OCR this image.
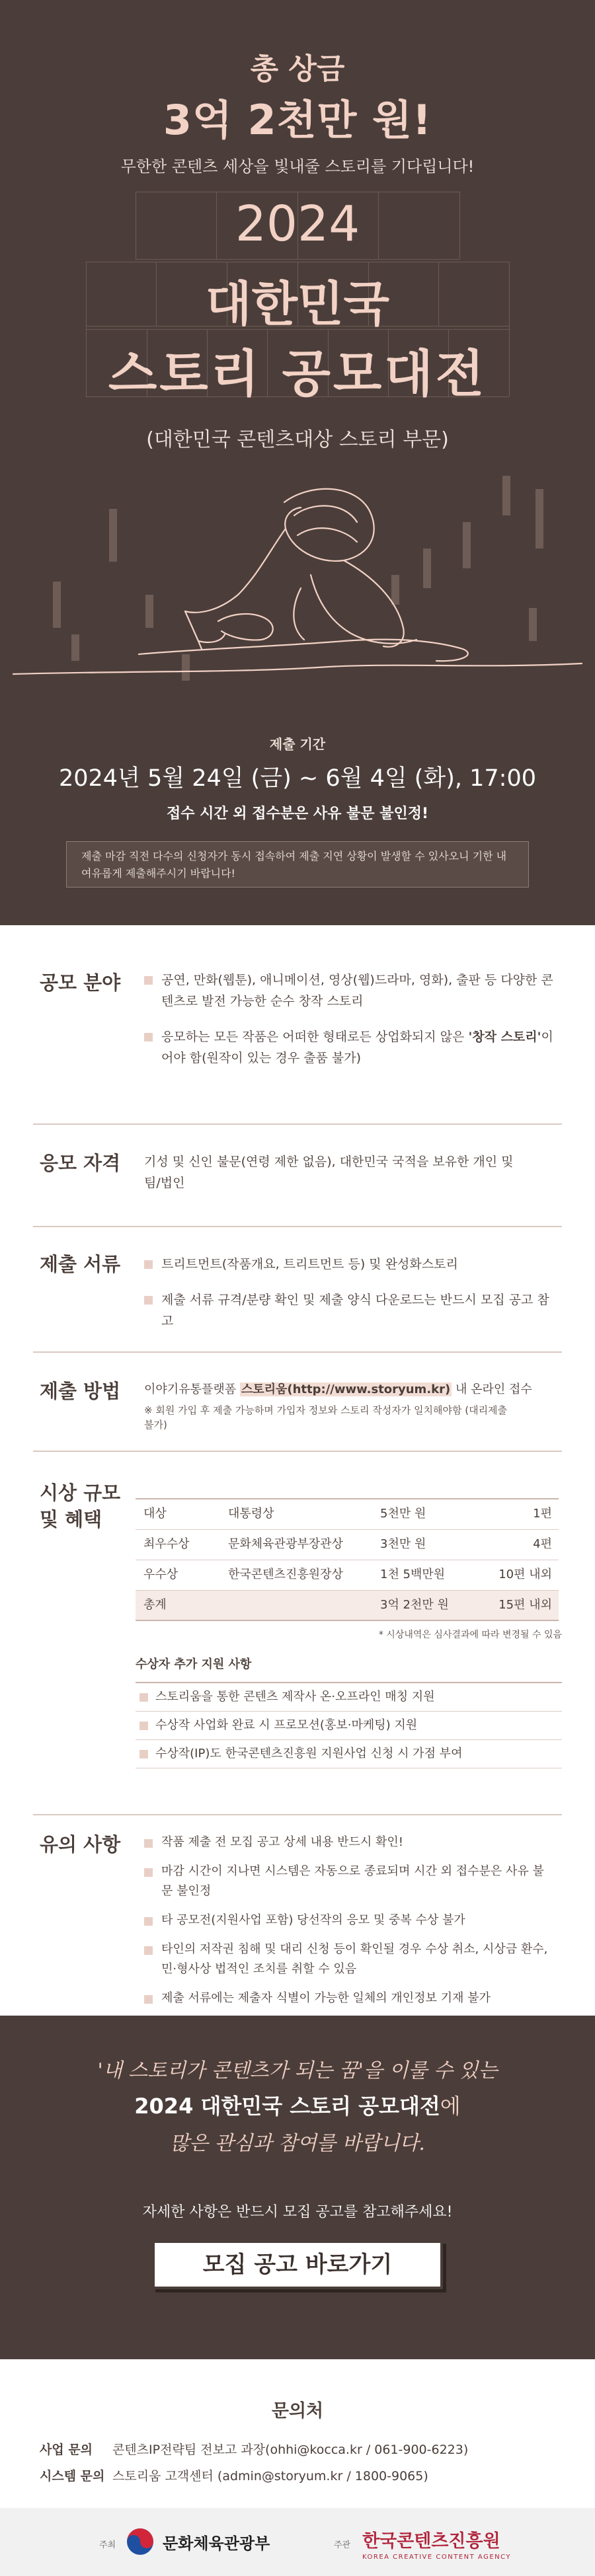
총 상금
3억 2천만 원!
무한한 콘텐츠 세상을 빛내줄 스토리를 기다립니다!
2024
대한민국
스토리 공모대전
(대한민국 콘텐츠대상 스토리 부문)
제출 기간
2024년 5월 24일 (금) ~ 6월 4일 (화), 17:00
접수 시간 외 접수분은 사유 불문 불인정!
제출 마감 직전 다수의 신청자가 동시 접속하여 제출 지연 상황이 발생할 수 있사오니 기한 내 여유롭게 제출해주시기 바랍니다!
공모 분야	공연, 만화(웹툰), 애니메이션, 영상(웹)드라마, 영화), 출판 등 다양한 콘텐츠로 발전 가능한 순수 창작 스토리
응모하는 모든 작품은 어떠한 형태로든 상업화되지 않은 '창작 스토리'이어야 함(원작이 있는 경우 출품 불가)
응모 자격 기성 및 신인 불문(연령 제한 없음), 대한민국 국적을 보유한 개인 및 팀/법인
제출 서류	트리트먼트(작품개요, 트리트먼트 등) 및 완성화스토리
제출 서류 규격/분량 확인 및 제출 양식 다운로드는 반드시 모집 공고 참고
제출 방법 이야기유통플랫폼 스토리움(http://www.storyum.kr) 내 온라인 접수
※ 회원 가입 후 제출 가능하며 가입자 정보와 스토리 작성자가 일치해야함 (대리제출 불가)
시상 규모
및 혜택	대상	대통령상	5천만 원	1편
최우수상	문화체육관광부장관상	3천만 원	4편
우수상	한국콘텐츠진흥원장상	1천 5백만원	10편 내외
총계		3억 2천만 원	15편 내외
* 시상내역은 심사결과에 따라 변경될 수 있음
수상자 추가 지원 사항
스토리움을 통한 콘텐츠 제작사 온·오프라인 매칭 지원
수상작 사업화 완료 시 프로모션(홍보·마케팅) 지원
수상작(IP)도 한국콘텐츠진흥원 지원사업 신청 시 가점 부여
유의 사항	작품 제출 전 모집 공고 상세 내용 반드시 확인!
마감 시간이 지나면 시스템은 자동으로 종료되며 시간 외 접수분은 사유 불문 불인정
타 공모전(지원사업 포함) 당선작의 응모 및 중복 수상 불가
타인의 저작권 침해 및 대리 신청 등이 확인될 경우 수상 취소, 시상금 환수, 민·형사상 법적인 조치를 취할 수 있음
제출 서류에는 제출자 식별이 가능한 일체의 개인정보 기재 불가
'내 스토리가 콘텐츠가 되는 꿈'을 이룰 수 있는
2024 대한민국 스토리 공모대전에
많은 관심과 참여를 바랍니다.
자세한 사항은 반드시 모집 공고를 참고해주세요!
모집 공고 바로가기
문의처
사업 문의 콘텐츠IP전략팀 전보고 과장(ohhi@kocca.kr / 061-900-6223)
시스템 문의 스토리움 고객센터 (admin@storyum.kr / 1800-9065)
주최	문화체육관광부	주관 한국콘텐츠진흥원
KOREA CREATIVE CONTENT AGENCY
